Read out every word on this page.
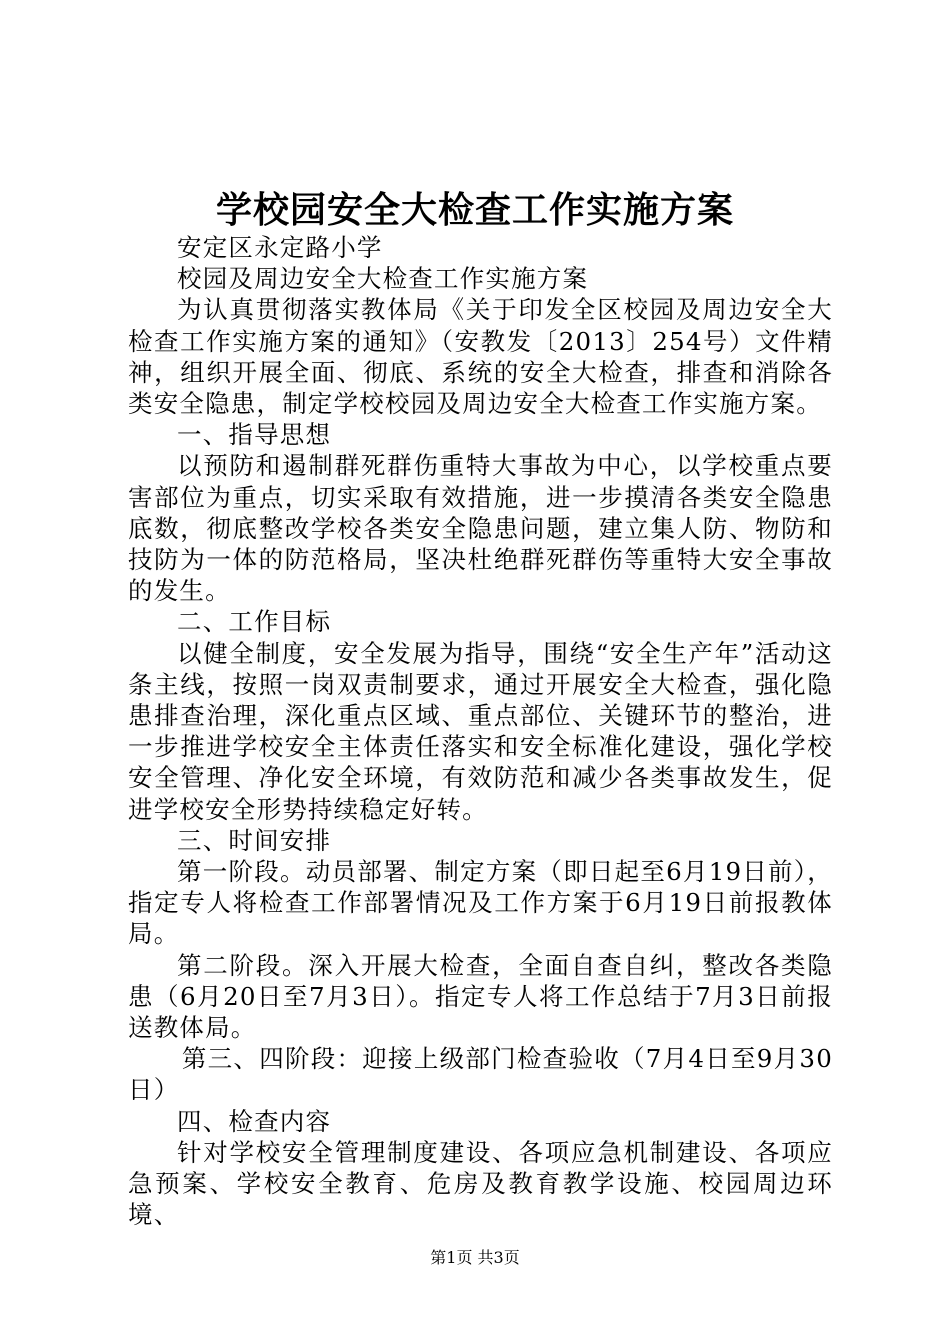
学校园安全大检查工作实施方案

安定区永定路小学

校园及周边安全大检查工作实施方案

为认真贯彻落实教体局《关于印发全区校园及周边安全大检查工作实施方案的通知》（安教发〔2013〕254号）文件精神，组织开展全面、彻底、系统的安全大检查，排查和消除各类安全隐患，制定学校校园及周边安全大检查工作实施方案。

一、指导思想

以预防和遏制群死群伤重特大事故为中心，以学校重点要害部位为重点，切实采取有效措施，进一步摸清各类安全隐患底数，彻底整改学校各类安全隐患问题，建立集人防、物防和技防为一体的防范格局，坚决杜绝群死群伤等重特大安全事故的发生。

二、工作目标

以健全制度，安全发展为指导，围绕“安全生产年”活动这条主线，按照一岗双责制要求，通过开展安全大检查，强化隐患排查治理，深化重点区域、重点部位、关键环节的整治，进一步推进学校安全主体责任落实和安全标准化建设，强化学校安全管理、净化安全环境，有效防范和减少各类事故发生，促进学校安全形势持续稳定好转。

三、时间安排

第一阶段。动员部署、制定方案（即日起至6月19日前），指定专人将检查工作部署情况及工作方案于6月19日前报教体局。

第二阶段。深入开展大检查，全面自查自纠，整改各类隐患（6月20日至7月3日）。指定专人将工作总结于7月3日前报送教体局。

第三、四阶段：迎接上级部门检查验收（7月4日至9月30日）

四、检查内容

针对学校安全管理制度建设、各项应急机制建设、各项应急预案、学校安全教育、危房及教育教学设施、校园周边环境、

第1页 共3页
